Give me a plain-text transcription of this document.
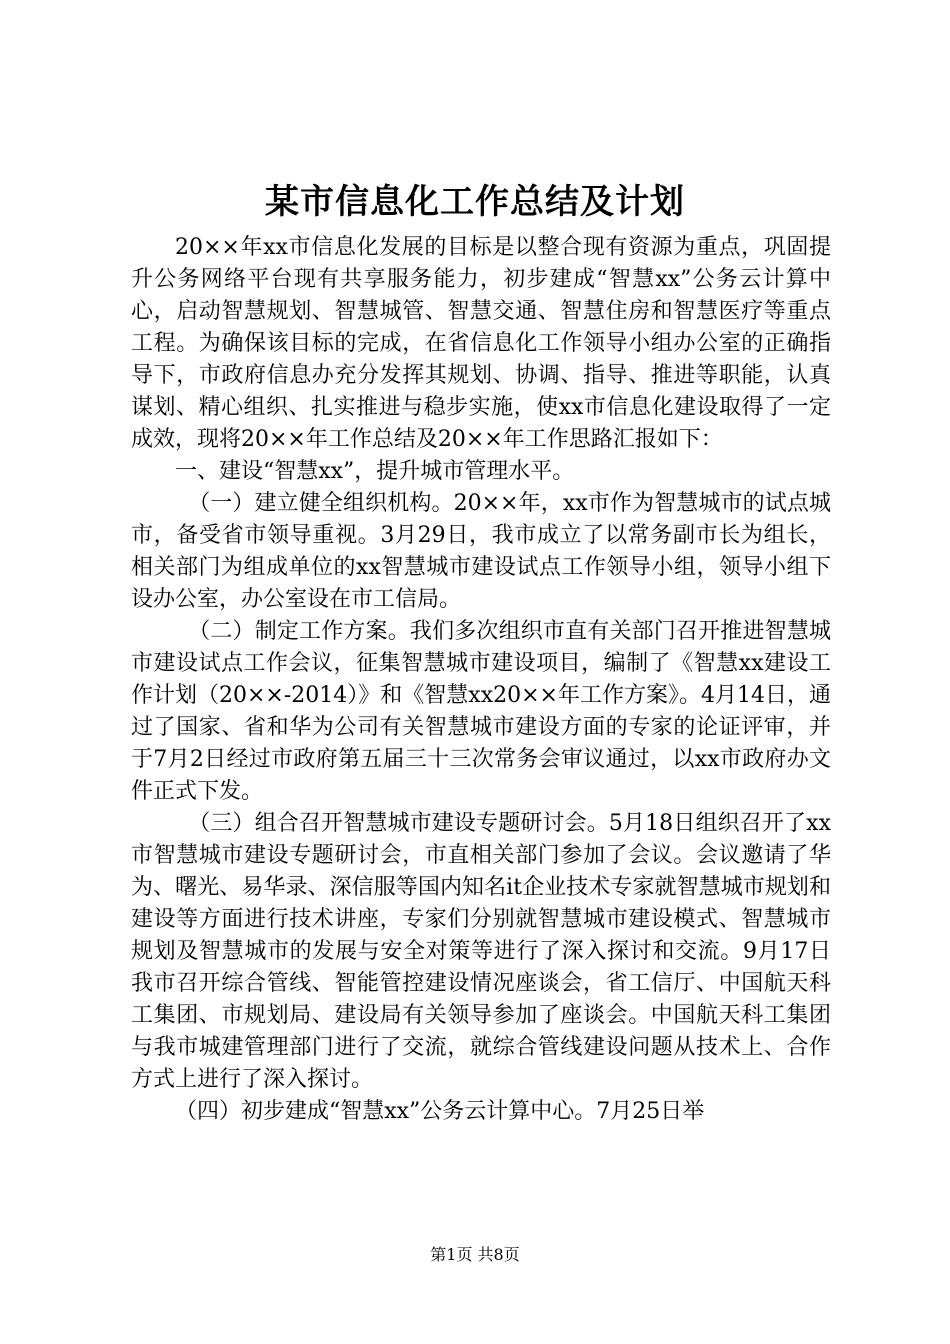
某市信息化工作总结及计划

20××年xx市信息化发展的目标是以整合现有资源为重点，巩固提升公务网络平台现有共享服务能力，初步建成“智慧xx”公务云计算中心，启动智慧规划、智慧城管、智慧交通、智慧住房和智慧医疗等重点工程。为确保该目标的完成，在省信息化工作领导小组办公室的正确指导下，市政府信息办充分发挥其规划、协调、指导、推进等职能，认真谋划、精心组织、扎实推进与稳步实施，使xx市信息化建设取得了一定成效，现将20××年工作总结及20××年工作思路汇报如下：

一、建设“智慧xx”，提升城市管理水平。

（一）建立健全组织机构。20××年，xx市作为智慧城市的试点城市，备受省市领导重视。3月29日，我市成立了以常务副市长为组长，相关部门为组成单位的xx智慧城市建设试点工作领导小组，领导小组下设办公室，办公室设在市工信局。

（二）制定工作方案。我们多次组织市直有关部门召开推进智慧城市建设试点工作会议，征集智慧城市建设项目，编制了《智慧xx建设工作计划（20××-2014）》和《智慧xx20××年工作方案》。4月14日，通过了国家、省和华为公司有关智慧城市建设方面的专家的论证评审，并于7月2日经过市政府第五届三十三次常务会审议通过，以xx市政府办文件正式下发。

（三）组合召开智慧城市建设专题研讨会。5月18日组织召开了xx市智慧城市建设专题研讨会，市直相关部门参加了会议。会议邀请了华为、曙光、易华录、深信服等国内知名it企业技术专家就智慧城市规划和建设等方面进行技术讲座，专家们分别就智慧城市建设模式、智慧城市规划及智慧城市的发展与安全对策等进行了深入探讨和交流。9月17日我市召开综合管线、智能管控建设情况座谈会，省工信厅、中国航天科工集团、市规划局、建设局有关领导参加了座谈会。中国航天科工集团与我市城建管理部门进行了交流，就综合管线建设问题从技术上、合作方式上进行了深入探讨。

（四）初步建成“智慧xx”公务云计算中心。7月25日举

第1页 共8页
